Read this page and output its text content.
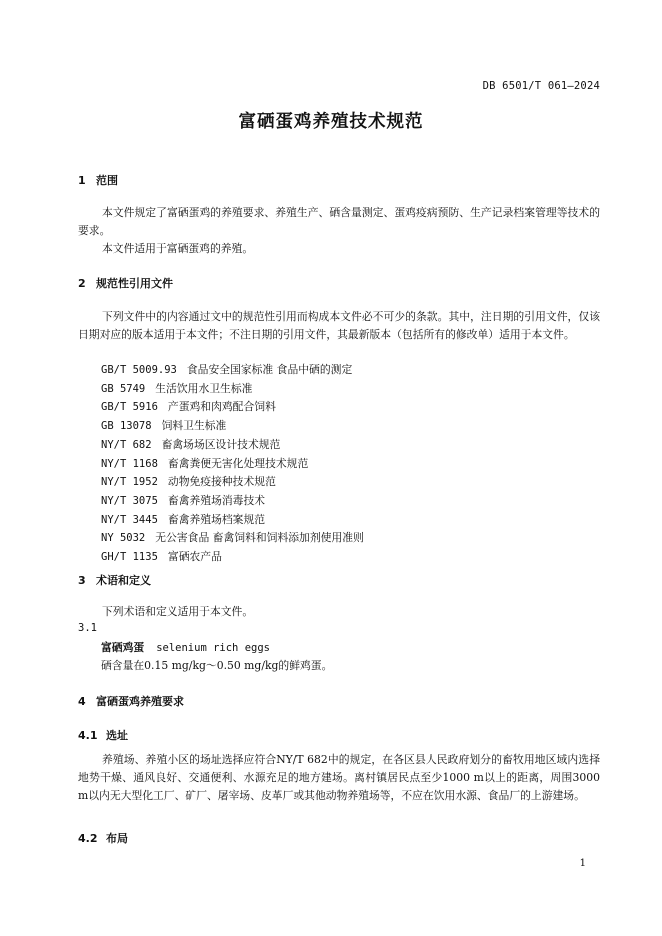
DB 6501/T 061—2024
富硒蛋鸡养殖技术规范
1 范围
本文件规定了富硒蛋鸡的养殖要求、养殖生产、硒含量测定、蛋鸡疫病预防、生产记录档案管理等技术的要求。
本文件适用于富硒蛋鸡的养殖。
2 规范性引用文件
下列文件中的内容通过文中的规范性引用而构成本文件必不可少的条款。其中，注日期的引用文件，仅该日期对应的版本适用于本文件；不注日期的引用文件，其最新版本（包括所有的修改单）适用于本文件。
GB/T 5009.93 食品安全国家标准 食品中硒的测定
GB 5749 生活饮用水卫生标准
GB/T 5916 产蛋鸡和肉鸡配合饲料
GB 13078 饲料卫生标准
NY/T 682 畜禽场场区设计技术规范
NY/T 1168 畜禽粪便无害化处理技术规范
NY/T 1952 动物免疫接种技术规范
NY/T 3075 畜禽养殖场消毒技术
NY/T 3445 畜禽养殖场档案规范
NY 5032 无公害食品 畜禽饲料和饲料添加剂使用准则
GH/T 1135 富硒农产品
3 术语和定义
下列术语和定义适用于本文件。
3.1
富硒鸡蛋 selenium rich eggs
硒含量在0.15 mg/kg～0.50 mg/kg的鲜鸡蛋。
4 富硒蛋鸡养殖要求
4.1 选址
养殖场、养殖小区的场址选择应符合NY/T 682中的规定，在各区县人民政府划分的畜牧用地区域内选择地势干燥、通风良好、交通便利、水源充足的地方建场。离村镇居民点至少1000 m以上的距离，周围3000 m以内无大型化工厂、矿厂、屠宰场、皮革厂或其他动物养殖场等，不应在饮用水源、食品厂的上游建场。
4.2 布局
1
